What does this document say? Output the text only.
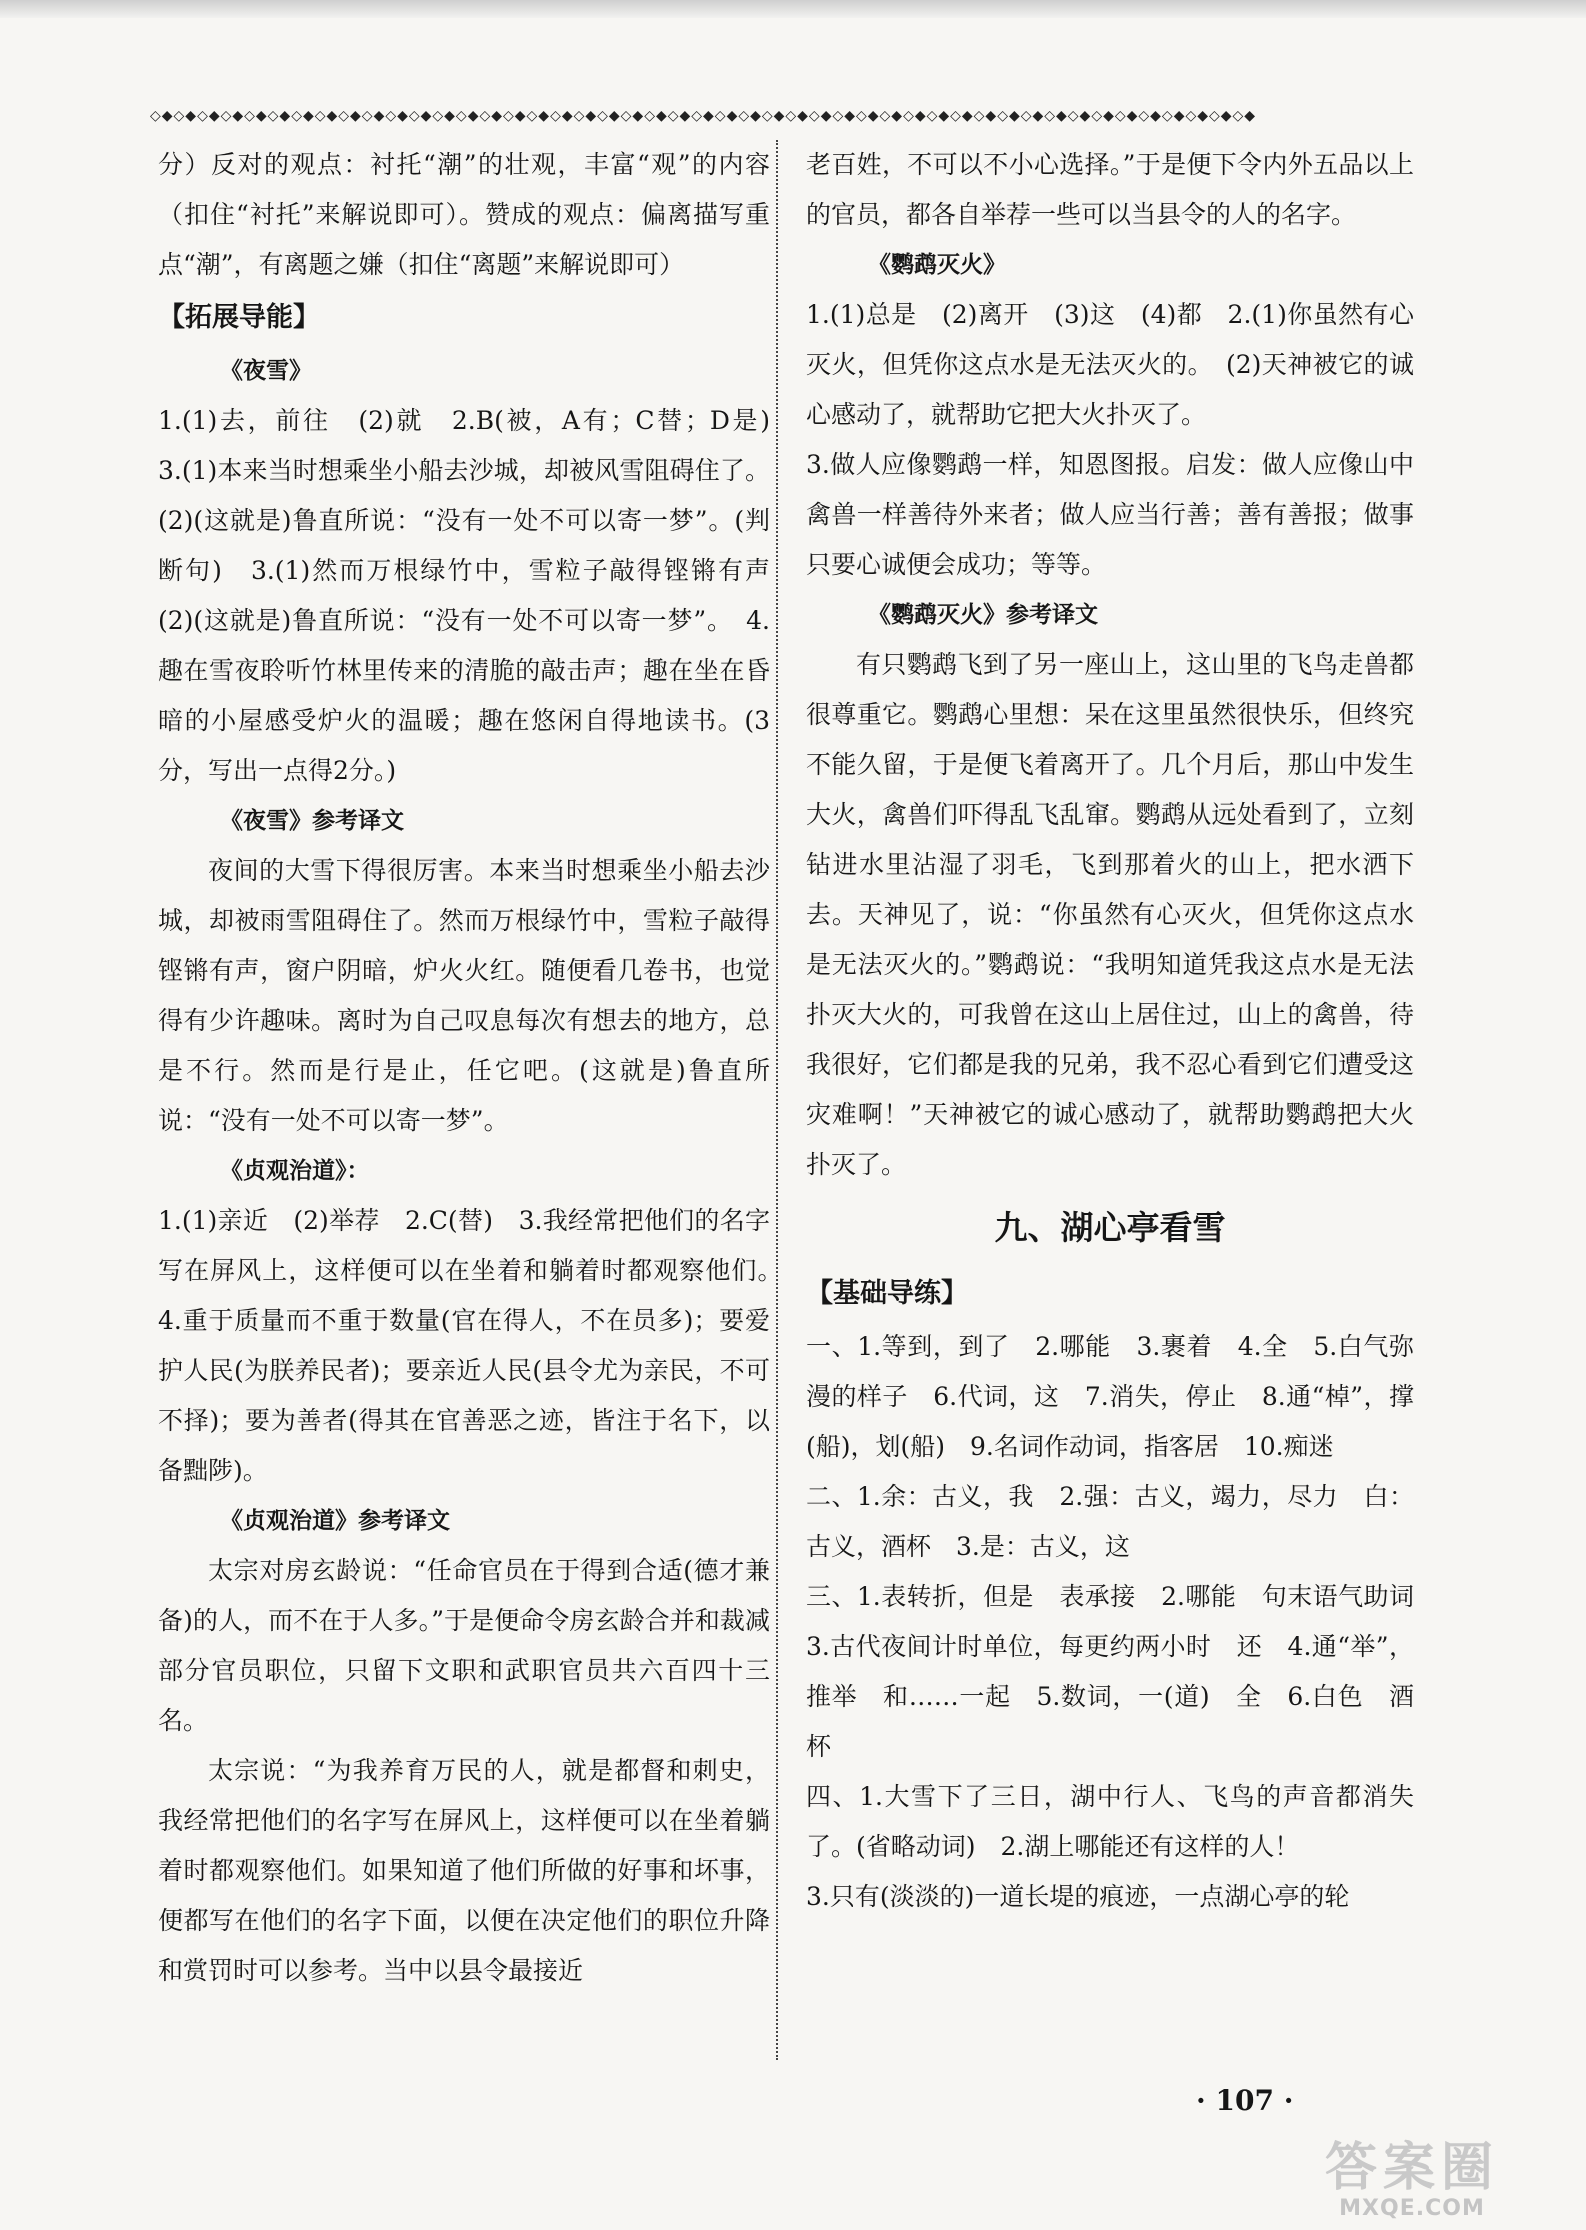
◇◆◇◆◇◆◇◆◇◆◇◆◇◆◇◆◇◆◇◆◇◆◇◆◇◆◇◆◇◆◇◆◇◆◇◆◇◆◇◆◇◆◇◆◇◆◇◆◇◆◇◆◇◆◇◆◇◆◇◆◇◆◇◆◇◆◇◆◇◆◇◆◇◆◇◆◇◆◇◆◇◆◇◆◇◆◇◆◇◆◇◆◇◆

分）反对的观点：衬托“潮”的壮观，丰富“观”的内容（扣住“衬托”来解说即可）。赞成的观点：偏离描写重点“潮”，有离题之嫌（扣住“离题”来解说即可）

【拓展导能】
《夜雪》

1.(1)去，前往　(2)就　2.B(被，A有；C替；D是)　3.(1)本来当时想乘坐小船去沙城，却被风雪阻碍住了。(2)(这就是)鲁直所说：“没有一处不可以寄一梦”。(判断句)　3.(1)然而万根绿竹中，雪粒子敲得铿锵有声　(2)(这就是)鲁直所说：“没有一处不可以寄一梦”。　4.趣在雪夜聆听竹林里传来的清脆的敲击声；趣在坐在昏暗的小屋感受炉火的温暖；趣在悠闲自得地读书。(3分，写出一点得2分。)

《夜雪》参考译文

夜间的大雪下得很厉害。本来当时想乘坐小船去沙城，却被雨雪阻碍住了。然而万根绿竹中，雪粒子敲得铿锵有声，窗户阴暗，炉火火红。随便看几卷书，也觉得有少许趣味。离时为自己叹息每次有想去的地方，总是不行。然而是行是止，任它吧。(这就是)鲁直所说：“没有一处不可以寄一梦”。

《贞观治道》：

1.(1)亲近　(2)举荐　2.C(替)　3.我经常把他们的名字写在屏风上，这样便可以在坐着和躺着时都观察他们。　4.重于质量而不重于数量(官在得人，不在员多)；要爱护人民(为朕养民者)；要亲近人民(县令尤为亲民，不可不择)；要为善者(得其在官善恶之迹，皆注于名下，以备黜陟)。

《贞观治道》参考译文

太宗对房玄龄说：“任命官员在于得到合适(德才兼备)的人，而不在于人多。”于是便命令房玄龄合并和裁减部分官员职位，只留下文职和武职官员共六百四十三名。

太宗说：“为我养育万民的人，就是都督和刺史，我经常把他们的名字写在屏风上，这样便可以在坐着躺着时都观察他们。如果知道了他们所做的好事和坏事，便都写在他们的名字下面，以便在决定他们的职位升降和赏罚时可以参考。当中以县令最接近

老百姓，不可以不小心选择。”于是便下令内外五品以上的官员，都各自举荐一些可以当县令的人的名字。

《鹦鹉灭火》

1.(1)总是　(2)离开　(3)这　(4)都　2.(1)你虽然有心灭火，但凭你这点水是无法灭火的。　(2)天神被它的诚心感动了，就帮助它把大火扑灭了。

3.做人应像鹦鹉一样，知恩图报。启发：做人应像山中禽兽一样善待外来者；做人应当行善；善有善报；做事只要心诚便会成功；等等。

《鹦鹉灭火》参考译文

有只鹦鹉飞到了另一座山上，这山里的飞鸟走兽都很尊重它。鹦鹉心里想：呆在这里虽然很快乐，但终究不能久留，于是便飞着离开了。几个月后，那山中发生大火，禽兽们吓得乱飞乱窜。鹦鹉从远处看到了，立刻钻进水里沾湿了羽毛，飞到那着火的山上，把水洒下去。天神见了，说：“你虽然有心灭火，但凭你这点水是无法灭火的。”鹦鹉说：“我明知道凭我这点水是无法扑灭大火的，可我曾在这山上居住过，山上的禽兽，待我很好，它们都是我的兄弟，我不忍心看到它们遭受这灾难啊！”天神被它的诚心感动了，就帮助鹦鹉把大火扑灭了。

九、湖心亭看雪
【基础导练】

一、1.等到，到了　2.哪能　3.裹着　4.全　5.白气弥漫的样子　6.代词，这　7.消失，停止　8.通“棹”，撑(船)，划(船)　9.名词作动词，指客居　10.痴迷

二、1.余：古义，我　2.强：古义，竭力，尽力　白：古义，酒杯　3.是：古义，这

三、1.表转折，但是　表承接　2.哪能　句末语气助词　3.古代夜间计时单位，每更约两小时　还　4.通“举”，推举　和……一起　5.数词，一(道)　全　6.白色　酒杯

四、1.大雪下了三日，湖中行人、飞鸟的声音都消失了。(省略动词)　2.湖上哪能还有这样的人！

3.只有(淡淡的)一道长堤的痕迹，一点湖心亭的轮

· 107 ·
答案圈
MXQE.COM
